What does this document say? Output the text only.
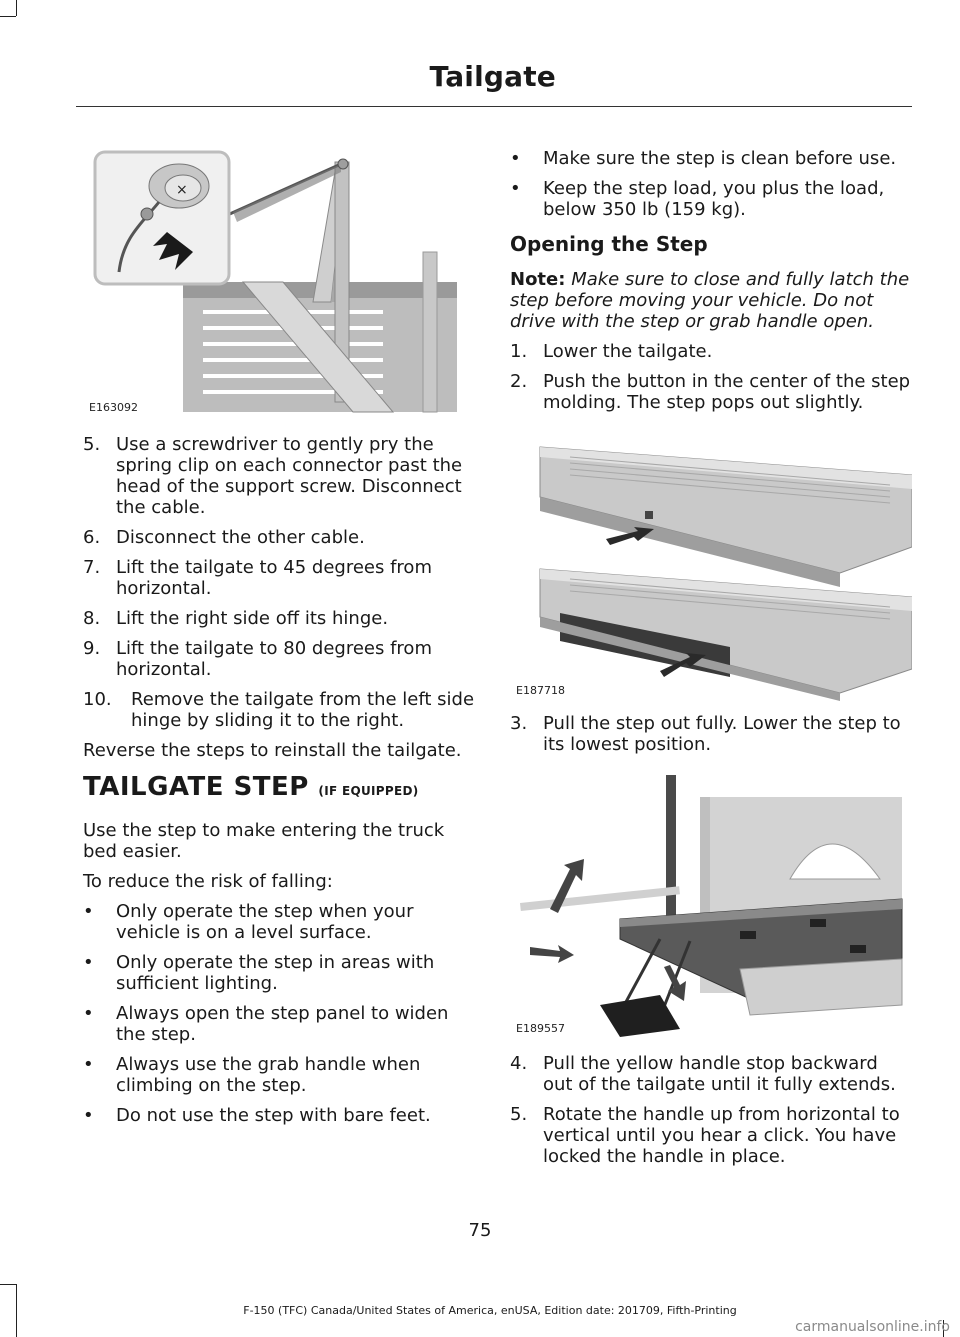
Tailgate
×
E163092
5. Use a screwdriver to gently pry the spring clip on each connector past the head of the support screw. Disconnect the cable.
6. Disconnect the other cable.
7. Lift the tailgate to 45 degrees from horizontal.
8. Lift the right side off its hinge.
9. Lift the tailgate to 80 degrees from horizontal.
10. Remove the tailgate from the left side hinge by sliding it to the right.

Reverse the steps to reinstall the tailgate.

TAILGATE STEP (IF EQUIPPED)

Use the step to make entering the truck bed easier.

To reduce the risk of falling:

• Only operate the step when your vehicle is on a level surface.
• Only operate the step in areas with sufficient lighting.
• Always open the step panel to widen the step.
• Always use the grab handle when climbing on the step.
• Do not use the step with bare feet.
• Make sure the step is clean before use.
• Keep the step load, you plus the load, below 350 lb (159 kg).
Opening the Step

Note: Make sure to close and fully latch the step before moving your vehicle. Do not drive with the step or grab handle open.

1. Lower the tailgate.
2. Push the button in the center of the step molding. The step pops out slightly.
E187718
3. Pull the step out fully. Lower the step to its lowest position.
E189557
4. Pull the yellow handle stop backward out of the tailgate until it fully extends.
5. Rotate the handle up from horizontal to vertical until you hear a click. You have locked the handle in place.
75
F-150 (TFC) Canada/United States of America, enUSA, Edition date: 201709, Fifth-Printing
carmanualsonline.info
